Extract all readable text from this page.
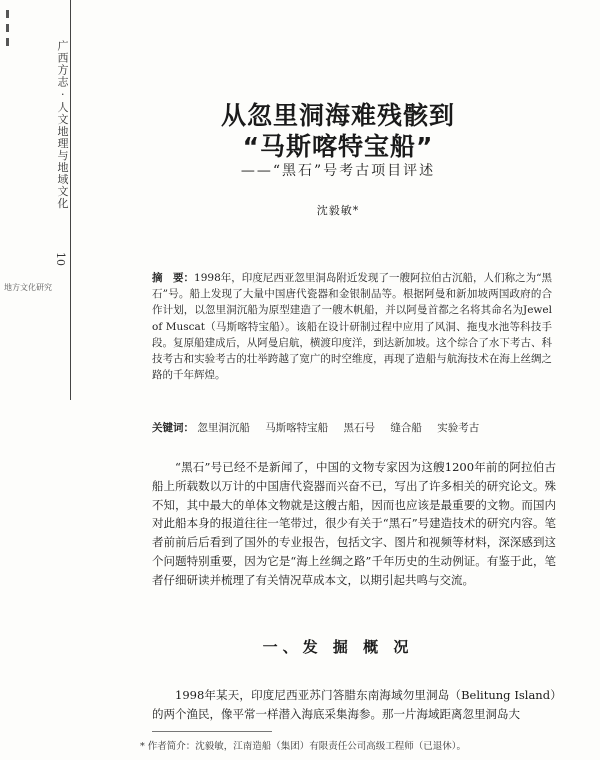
广西方志 · 人文地理与地域文化
10
地方文化研究
从忽里洞海难残骸到
“马斯喀特宝船”
——“黑石”号考古项目评述
沈毅敏*
摘　要：1998年，印度尼西亚忽里洞岛附近发现了一艘阿拉伯古沉船，人们称之为“黑石”号。船上发现了大量中国唐代瓷器和金银制品等。根据阿曼和新加坡两国政府的合作计划，以忽里洞沉船为原型建造了一艘木帆船，并以阿曼首都之名将其命名为Jewel of Muscat（马斯喀特宝船）。该船在设计研制过程中应用了风洞、拖曳水池等科技手段。复原船建成后，从阿曼启航，横渡印度洋，到达新加坡。这个综合了水下考古、科技考古和实验考古的壮举跨越了宽广的时空维度，再现了造船与航海技术在海上丝绸之路的千年辉煌。
关键词： 忽里洞沉船 马斯喀特宝船 黑石号 缝合船 实验考古
“黑石”号已经不是新闻了，中国的文物专家因为这艘1200年前的阿拉伯古船上所载数以万计的中国唐代瓷器而兴奋不已，写出了许多相关的研究论文。殊不知，其中最大的单体文物就是这艘古船，因而也应该是最重要的文物。而国内对此船本身的报道往往一笔带过，很少有关于“黑石”号建造技术的研究内容。笔者前前后后看到了国外的专业报告，包括文字、图片和视频等材料，深深感到这个问题特别重要，因为它是“海上丝绸之路”千年历史的生动例证。有鉴于此，笔者仔细研读并梳理了有关情况草成本文，以期引起共鸣与交流。
一、发 掘 概 况
1998年某天，印度尼西亚苏门答腊东南海域勿里洞岛（Belitung Island）的两个渔民，像平常一样潜入海底采集海参。那一片海域距离忽里洞岛大
* 作者简介：沈毅敏，江南造船（集团）有限责任公司高级工程师（已退休）。
